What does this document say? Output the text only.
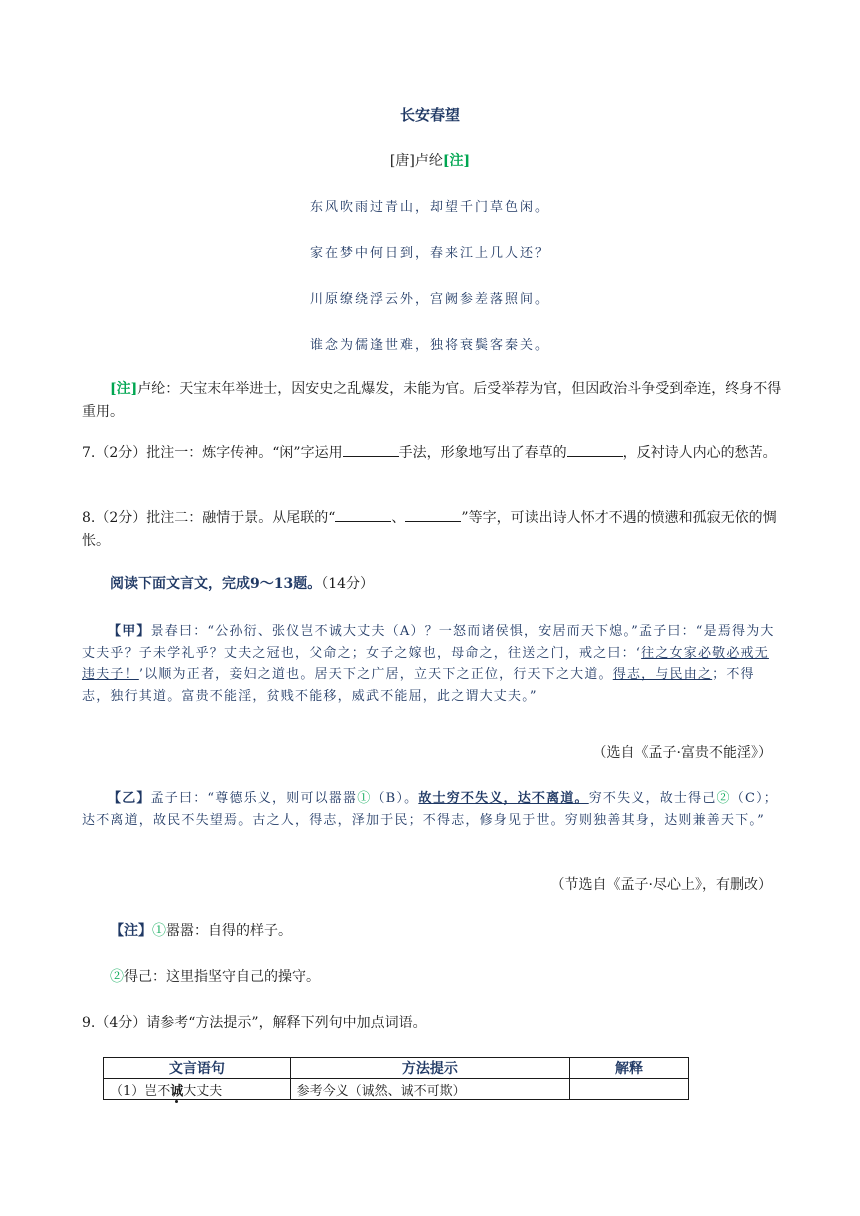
长安春望
[唐]卢纶[注]
东风吹雨过青山，却望千门草色闲。
家在梦中何日到，春来江上几人还？
川原缭绕浮云外，宫阙参差落照间。
谁念为儒逢世难，独将衰鬓客秦关。
[注]卢纶：天宝末年举进士，因安史之乱爆发，未能为官。后受举荐为官，但因政治斗争受到牵连，终身不得重用。
7.（2分）批注一：炼字传神。“闲”字运用	手法，形象地写出了春草的	，反衬诗人内心的愁苦。
8.（2分）批注二：融情于景。从尾联的“	、	”等字，可读出诗人怀才不遇的愤懑和孤寂无依的惆怅。
阅读下面文言文，完成9～13题。（14分）
【甲】景春曰：“公孙衍、张仪岂不诚大丈夫（A）？一怒而诸侯惧，安居而天下熄。”孟子曰：“是焉得为大丈夫乎？子未学礼乎？丈夫之冠也，父命之；女子之嫁也，母命之，往送之门，戒之曰：‘往之女家必敬必戒无违夫子！’以顺为正者，妾妇之道也。居天下之广居，立天下之正位，行天下之大道。得志，与民由之；不得志，独行其道。富贵不能淫，贫贱不能移，威武不能屈，此之谓大丈夫。”
（选自《孟子·富贵不能淫》）
【乙】孟子曰：“尊德乐义，则可以嚣嚣①（B）。故士穷不失义，达不离道。穷不失义，故士得己②（C）；达不离道，故民不失望焉。古之人，得志，泽加于民；不得志，修身见于世。穷则独善其身，达则兼善天下。”
（节选自《孟子·尽心上》，有删改）
【注】①嚣嚣：自得的样子。
②得己：这里指坚守自己的操守。
9.（4分）请参考“方法提示”，解释下列句中加点词语。
文言语句	方法提示	解释
（1）岂不诚大丈夫	参考今义（诚然、诚不可欺）	
